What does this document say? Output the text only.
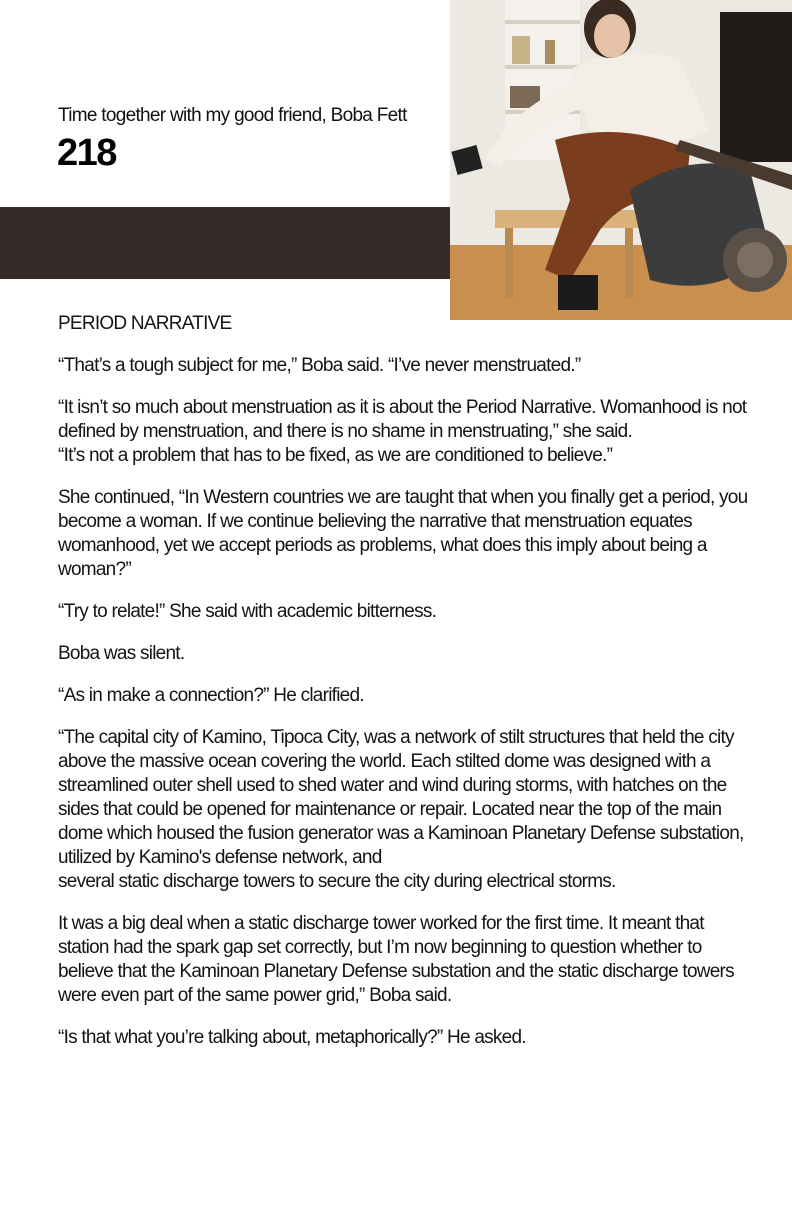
Time together with my good friend, Boba Fett
218

PERIOD NARRATIVE

“That’s a tough subject for me,” Boba said. “I’ve never menstruated.”

“It isn’t so much about menstruation as it is about the Period Narrative. Womanhood is not defined by menstruation, and there is no shame in menstruating,” she said.
“It’s not a problem that has to be fixed, as we are conditioned to believe.”

She continued, “In Western countries we are taught that when you finally get a period, you become a woman. If we continue believing the narrative that menstruation equates womanhood, yet we accept periods as problems, what does this imply about being a woman?”

“Try to relate!” She said with academic bitterness.

Boba was silent.

“As in make a connection?” He clarified.

“The capital city of Kamino, Tipoca City, was a network of stilt structures that held the city above the massive ocean covering the world. Each stilted dome was designed with a streamlined outer shell used to shed water and wind during storms, with hatches on the sides that could be opened for maintenance or repair. Located near the top of the main dome which housed the fusion generator was a Kaminoan Planetary Defense substation, utilized by Kamino's defense network, and
several static discharge towers to secure the city during electrical storms.

It was a big deal when a static discharge tower worked for the first time. It meant that station had the spark gap set correctly, but I’m now beginning to question whether to believe that the Kaminoan Planetary Defense substation and the static discharge towers were even part of the same power grid,” Boba said.

“Is that what you’re talking about, metaphorically?” He asked.
